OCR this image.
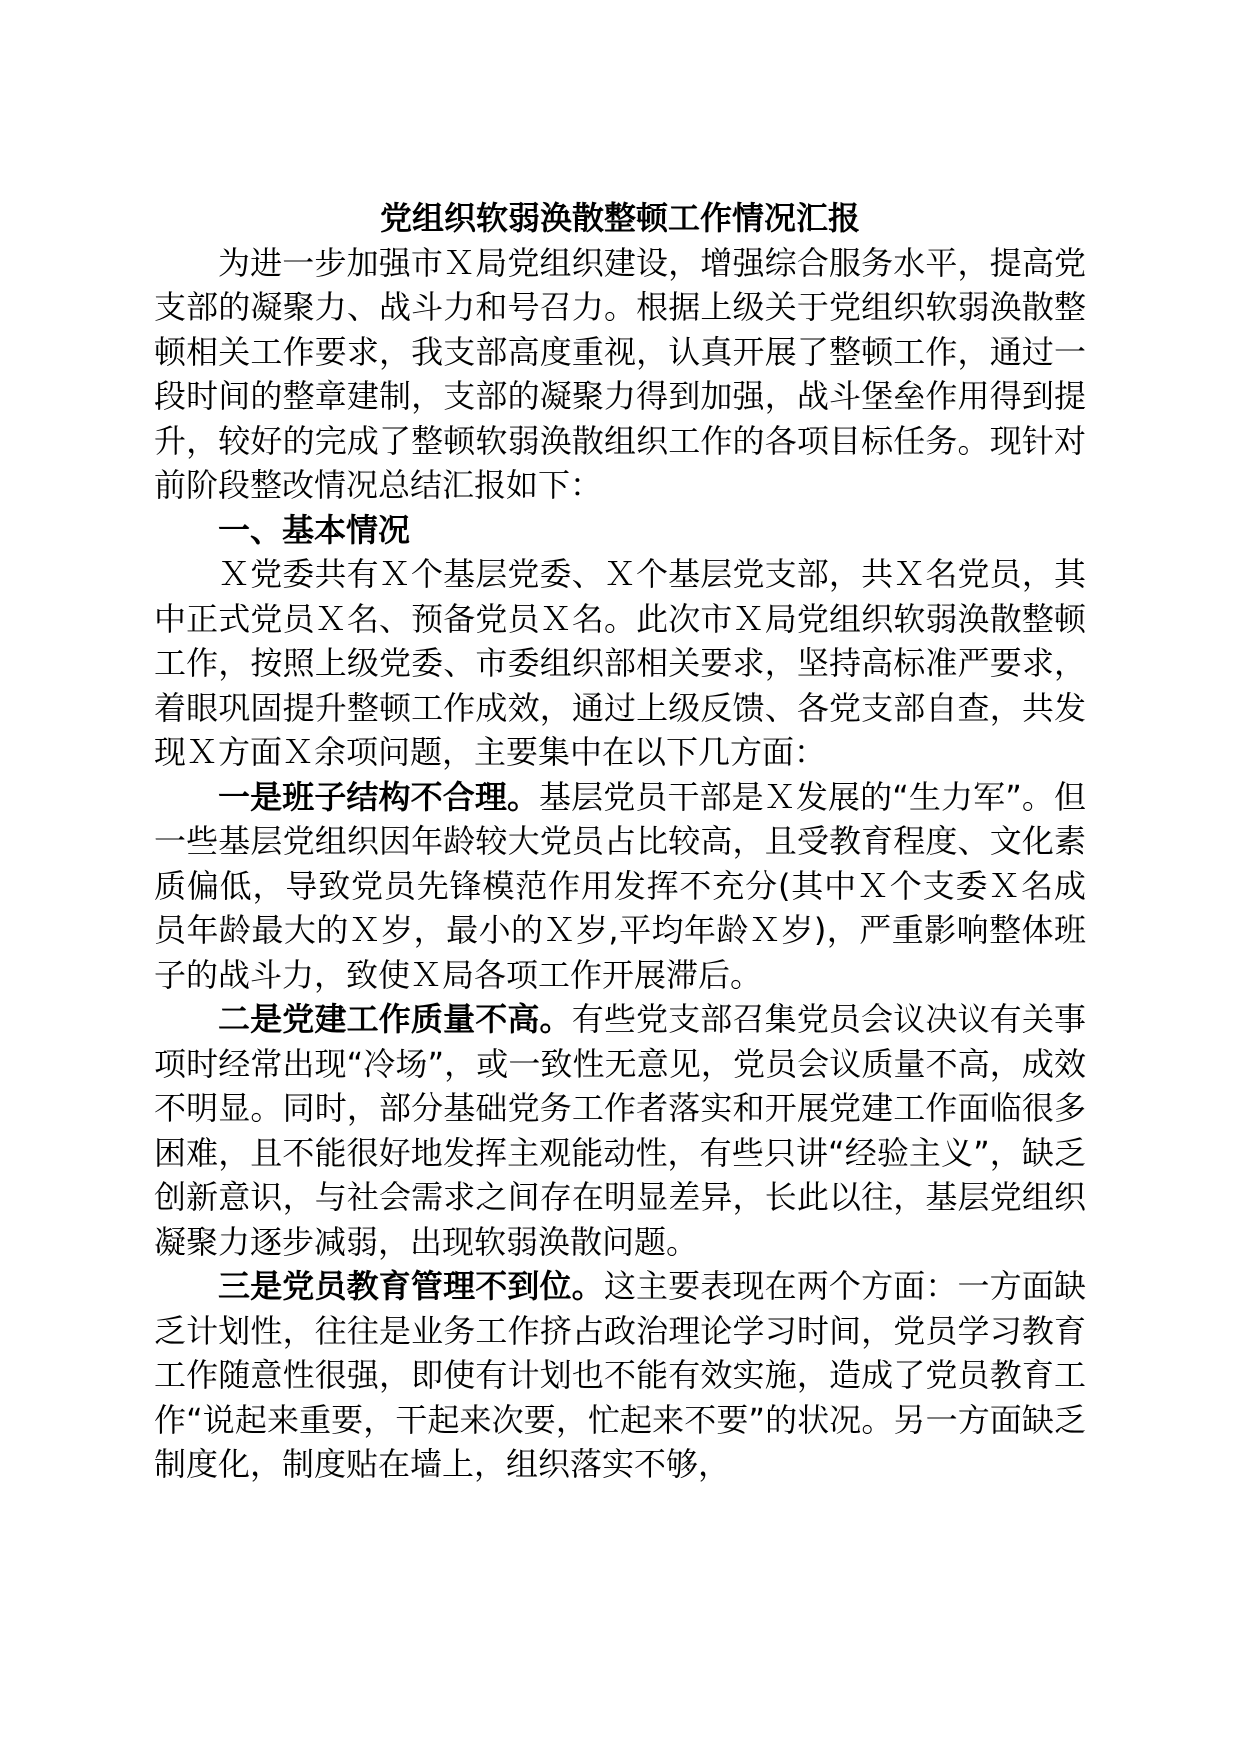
党组织软弱涣散整顿工作情况汇报

为进一步加强市Ｘ局党组织建设，增强综合服务水平，提高党支部的凝聚力、战斗力和号召力。根据上级关于党组织软弱涣散整顿相关工作要求，我支部高度重视，认真开展了整顿工作，通过一段时间的整章建制，支部的凝聚力得到加强，战斗堡垒作用得到提升，较好的完成了整顿软弱涣散组织工作的各项目标任务。现针对前阶段整改情况总结汇报如下：

一、基本情况

Ｘ党委共有Ｘ个基层党委、Ｘ个基层党支部，共Ｘ名党员，其中正式党员Ｘ名、预备党员Ｘ名。此次市Ｘ局党组织软弱涣散整顿工作，按照上级党委、市委组织部相关要求，坚持高标准严要求，着眼巩固提升整顿工作成效，通过上级反馈、各党支部自查，共发现Ｘ方面Ｘ余项问题，主要集中在以下几方面：

一是班子结构不合理。基层党员干部是Ｘ发展的“生力军”。但一些基层党组织因年龄较大党员占比较高，且受教育程度、文化素质偏低，导致党员先锋模范作用发挥不充分(其中Ｘ个支委Ｘ名成员年龄最大的Ｘ岁，最小的Ｘ岁,平均年龄Ｘ岁)，严重影响整体班子的战斗力，致使Ｘ局各项工作开展滞后。

二是党建工作质量不高。有些党支部召集党员会议决议有关事项时经常出现“冷场”，或一致性无意见，党员会议质量不高，成效不明显。同时，部分基础党务工作者落实和开展党建工作面临很多困难，且不能很好地发挥主观能动性，有些只讲“经验主义”，缺乏创新意识，与社会需求之间存在明显差异，长此以往，基层党组织凝聚力逐步减弱，出现软弱涣散问题。

三是党员教育管理不到位。这主要表现在两个方面：一方面缺乏计划性，往往是业务工作挤占政治理论学习时间，党员学习教育工作随意性很强，即使有计划也不能有效实施，造成了党员教育工作“说起来重要，干起来次要，忙起来不要”的状况。另一方面缺乏制度化，制度贴在墙上，组织落实不够，
